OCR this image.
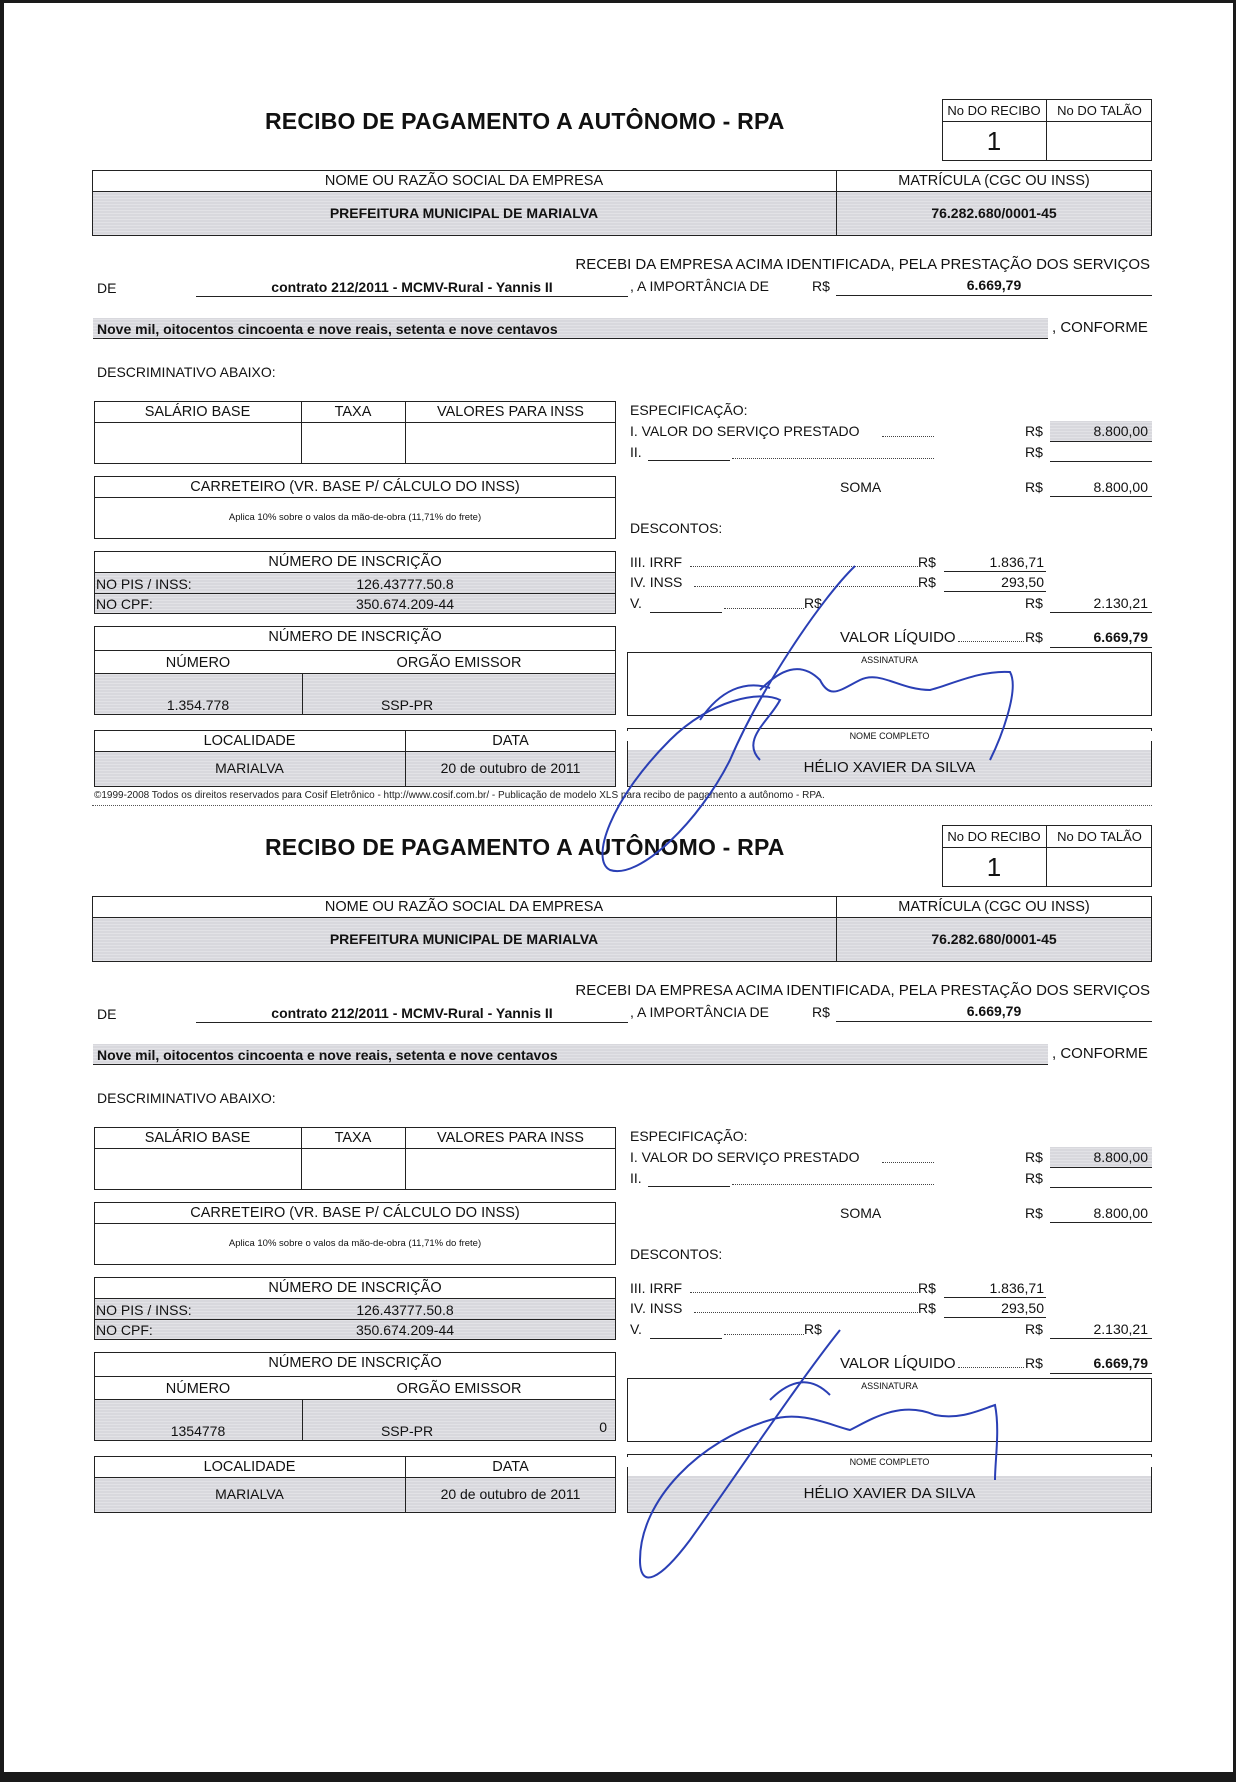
RECIBO DE PAGAMENTO A AUTÔNOMO - RPA	No DO RECIBO	No DO TALÃO
1
NOME OU RAZÃO SOCIAL DA EMPRESA	MATRÍCULA (CGC OU INSS)
PREFEITURA MUNICIPAL DE MARIALVA	76.282.680/0001-45
RECEBI DA EMPRESA ACIMA IDENTIFICADA, PELA PRESTAÇÃO DOS SERVIÇOS
DE	contrato 212/2011 - MCMV-Rural - Yannis II	, A IMPORTÂNCIA DE	R$	6.669,79
Nove mil, oitocentos cincoenta e nove reais, setenta e nove centavos	, CONFORME
DESCRIMINATIVO ABAIXO:
SALÁRIO BASE	TAXA	VALORES PARA INSS
CARRETEIRO (VR. BASE P/ CÁLCULO DO INSS)
Aplica 10% sobre o valos da mão-de-obra (11,71% do frete)
NÚMERO DE INSCRIÇÃO
NO PIS / INSS:	126.43777.50.8
NO CPF:	350.674.209-44
NÚMERO DE INSCRIÇÃO
NÚMERO	ORGÃO EMISSOR
1.354.778	SSP-PR
LOCALIDADE	DATA
MARIALVA	20 de outubro de 2011
ESPECIFICAÇÃO:
I. VALOR DO SERVIÇO PRESTADO	R$	8.800,00
II.	R$
SOMA	R$	8.800,00
DESCONTOS:
III. IRRF	R$	1.836,71
IV. INSS	R$	293,50
V.	R$	R$	2.130,21
VALOR LÍQUIDO	R$	6.669,79
ASSINATURA
NOME COMPLETO
HÉLIO XAVIER DA SILVA
RECIBO DE PAGAMENTO A AUTÔNOMO - RPA	No DO RECIBO	No DO TALÃO
1
NOME OU RAZÃO SOCIAL DA EMPRESA	MATRÍCULA (CGC OU INSS)
PREFEITURA MUNICIPAL DE MARIALVA	76.282.680/0001-45
RECEBI DA EMPRESA ACIMA IDENTIFICADA, PELA PRESTAÇÃO DOS SERVIÇOS
DE	contrato 212/2011 - MCMV-Rural - Yannis II	, A IMPORTÂNCIA DE	R$	6.669,79
Nove mil, oitocentos cincoenta e nove reais, setenta e nove centavos	, CONFORME
DESCRIMINATIVO ABAIXO:
SALÁRIO BASE	TAXA	VALORES PARA INSS
CARRETEIRO (VR. BASE P/ CÁLCULO DO INSS)
Aplica 10% sobre o valos da mão-de-obra (11,71% do frete)
NÚMERO DE INSCRIÇÃO
NO PIS / INSS:	126.43777.50.8
NO CPF:	350.674.209-44
NÚMERO DE INSCRIÇÃO
NÚMERO	ORGÃO EMISSOR
1354778	SSP-PR	0
LOCALIDADE	DATA
MARIALVA	20 de outubro de 2011
ESPECIFICAÇÃO:
I. VALOR DO SERVIÇO PRESTADO	R$	8.800,00
II.	R$
SOMA	R$	8.800,00
DESCONTOS:
III. IRRF	R$	1.836,71
IV. INSS	R$	293,50
V.	R$	R$	2.130,21
VALOR LÍQUIDO	R$	6.669,79
ASSINATURA
NOME COMPLETO
HÉLIO XAVIER DA SILVA
©1999-2008 Todos os direitos reservados para Cosif Eletrônico - http://www.cosif.com.br/ - Publicação de modelo XLS para recibo de pagamento a autônomo - RPA.
